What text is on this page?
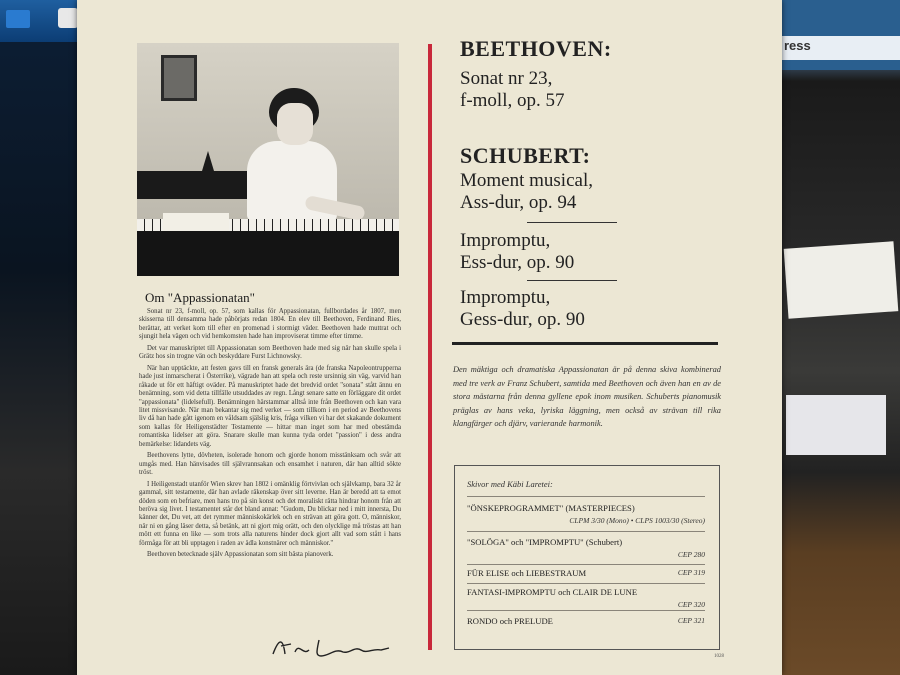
ress
Om "Appassionatan"

Sonat nr 23, f-moll, op. 57, som kallas för Appassionatan, fullbordades år 1807, men skisserna till densamma hade påbörjats redan 1804. En elev till Beethoven, Ferdinand Ries, berättar, att verket kom till efter en promenad i stormigt väder. Beethoven hade muttrat och sjungit hela vägen och vid hemkomsten hade han improviserat timme efter timme.

Det var manuskriptet till Appassionatan som Beethoven hade med sig när han skulle spela i Grätz hos sin trogne vän och beskyddare Furst Lichnowsky.

När han upptäckte, att festen gavs till en fransk generals ära (de franska Napoleontrupperna hade just inmarscherat i Österrike), vägrade han att spela och reste ursinnig sin väg, varvid han råkade ut för ett häftigt oväder. På manuskriptet hade det bredvid ordet "sonata" stått ännu en benämning, som vid detta tillfälle utsuddades av regn. Långt senare satte en förläggare dit ordet "appassionata" (lidelsefull). Benämningen härstammar alltså inte från Beethoven och kan vara litet missvisande. När man bekantar sig med verket — som tillkom i en period av Beethovens liv då han hade gått igenom en våldsam själslig kris, fråga vilken vi har det skakande dokument som kallas för Heiligenstädter Testamente — hittar man inget som har med obestämda romantiska lidelser att göra. Snarare skulle man kunna tyda ordet "passion" i dess andra bemärkelse: lidandets väg.

Beethovens lytte, dövheten, isolerade honom och gjorde honom misstänksam och svår att umgås med. Han hänvisades till självrannsakan och ensamhet i naturen, där han alltid sökte tröst.

I Heiligenstadt utanför Wien skrev han 1802 i omänklig förtvivlan och självkamp, bara 32 år gammal, sitt testamente, där han avlade räkenskap över sitt leverne. Han är beredd att ta emot döden som en befriare, men hans tro på sin konst och det moraliskt rätta hindrar honom från att beröva sig livet. I testamentet står det bland annat: "Gudom, Du blickar ned i mitt innersta, Du känner det, Du vet, att det rymmer människokärlek och en strävan att göra gott. O, människor, när ni en gång läser detta, så betänk, att ni gjort mig orätt, och den olycklige må tröstas att han mött ett funna en like — som trots alla naturens hinder dock gjort allt vad som stått i hans förmåga för att bli upptagen i raden av ädla konstnärer och människor."

Beethoven betecknade själv Appassionatan som sitt bästa pianoverk.

BEETHOVEN:
Sonat nr 23,
f-moll, op. 57
SCHUBERT:
Moment musical,
Ass-dur, op. 94
Impromptu,
Ess-dur, op. 90
Impromptu,
Gess-dur, op. 90
Den mäktiga och dramatiska Appassionatan är på denna skiva kombinerad med tre verk av Franz Schubert, samtida med Beethoven och även han en av de stora mästarna från denna gyllene epok inom musiken. Schuberts pianomusik präglas av hans veka, lyriska läggning, men också av strävan till rika klangfärger och djärv, varierande harmonik.
Skivor med Käbi Laretei:
"ÖNSKEPROGRAMMET" (MASTERPIECES)
CLPM 3/30 (Mono) • CLPS 1003/30 (Stereo)
"SOLÖGA" och "IMPROMPTU" (Schubert)
CEP 280
FÜR ELISE och LIEBESTRAUM	CEP 319
FANTASI-IMPROMPTU och CLAIR DE LUNE
CEP 320
RONDO och PRELUDE	CEP 321
1028
